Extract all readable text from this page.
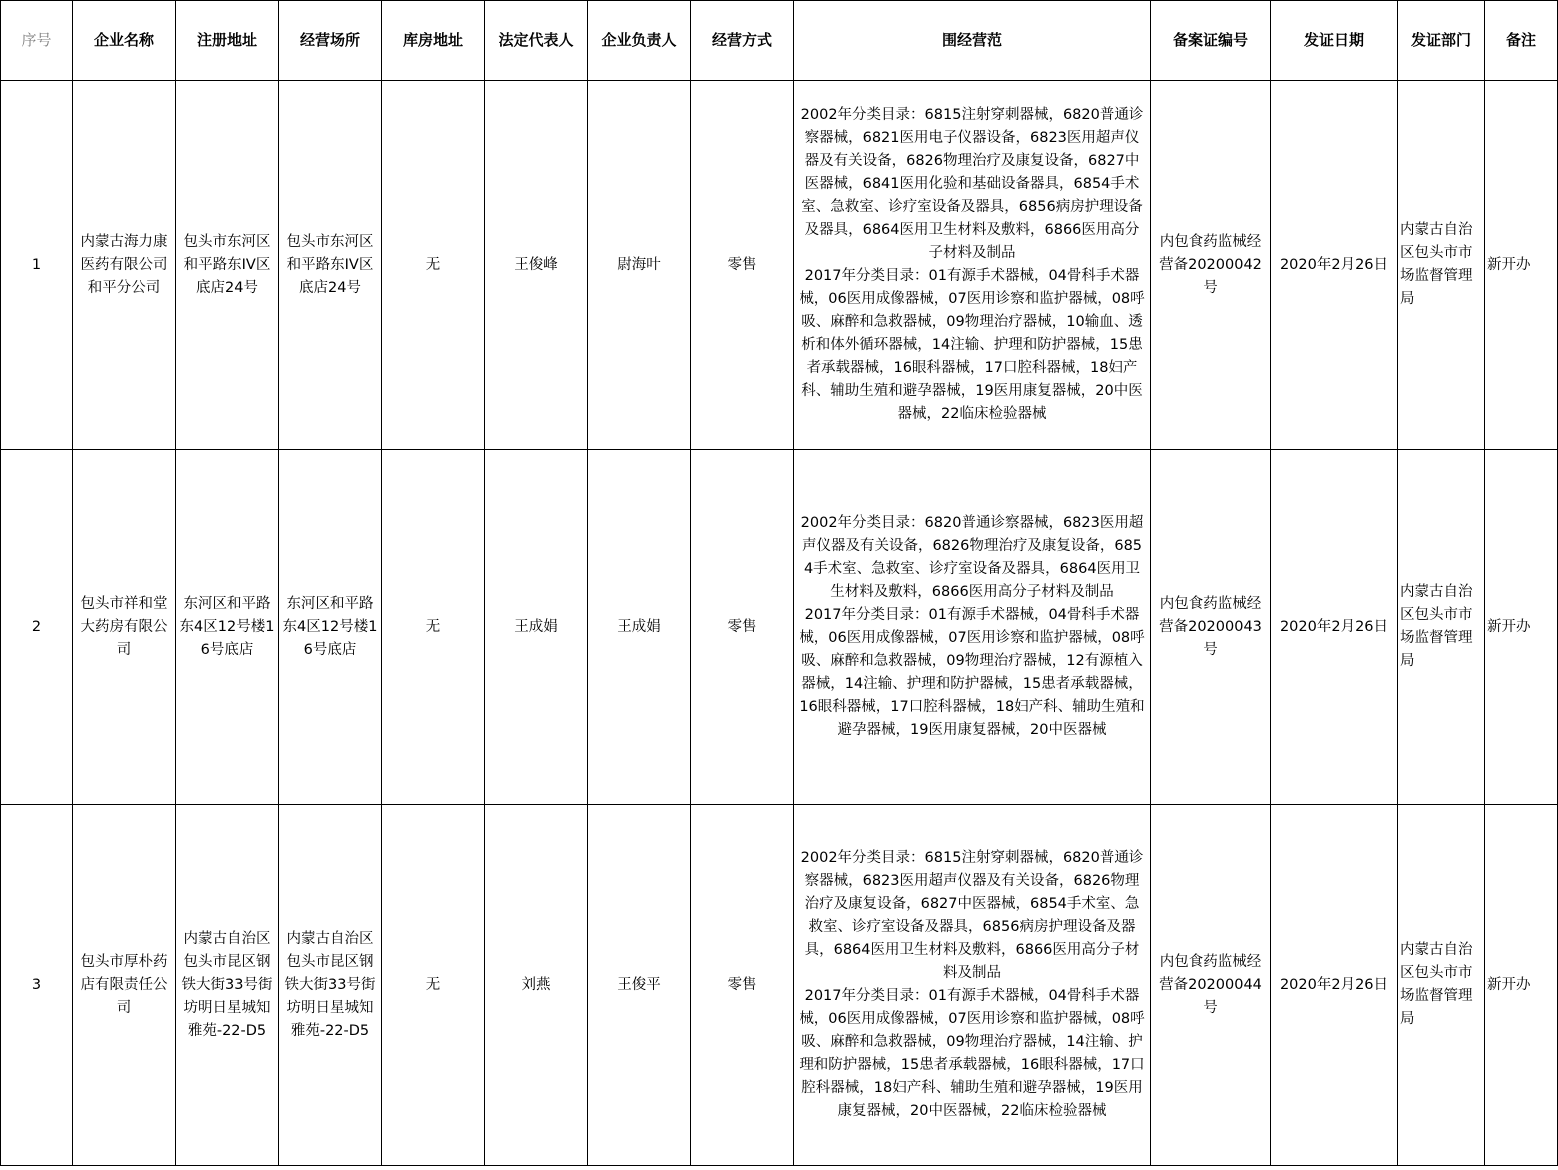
序号	企业名称	注册地址	经营场所	库房地址	法定代表人	企业负责人	经营方式	围经营范	备案证编号	发证日期	发证部门	备注
1	内蒙古海力康医药有限公司和平分公司	包头市东河区和平路东IV区底店24号	包头市东河区和平路东IV区底店24号	无	王俊峰	尉海叶	零售	2002年分类目录：6815注射穿刺器械，6820普通诊察器械，6821医用电子仪器设备，6823医用超声仪器及有关设备，6826物理治疗及康复设备，6827中医器械，6841医用化验和基础设备器具，6854手术室、急救室、诊疗室设备及器具，6856病房护理设备及器具，6864医用卫生材料及敷料，6866医用高分子材料及制品
2017年分类目录：01有源手术器械，04骨科手术器械，06医用成像器械，07医用诊察和监护器械，08呼吸、麻醉和急救器械，09物理治疗器械，10输血、透析和体外循环器械，14注输、护理和防护器械，15患者承载器械，16眼科器械，17口腔科器械，18妇产科、辅助生殖和避孕器械，19医用康复器械，20中医器械，22临床检验器械	内包食药监械经营备20200042号	2020年2月26日	内蒙古自治区包头市市场监督管理局	新开办
2	包头市祥和堂大药房有限公司	东河区和平路东4区12号楼16号底店	东河区和平路东4区12号楼16号底店	无	王成娟	王成娟	零售	2002年分类目录：6820普通诊察器械，6823医用超声仪器及有关设备，6826物理治疗及康复设备，6854手术室、急救室、诊疗室设备及器具，6864医用卫生材料及敷料，6866医用高分子材料及制品
2017年分类目录：01有源手术器械，04骨科手术器械，06医用成像器械，07医用诊察和监护器械，08呼吸、麻醉和急救器械，09物理治疗器械，12有源植入器械，14注输、护理和防护器械，15患者承载器械，16眼科器械，17口腔科器械，18妇产科、辅助生殖和避孕器械，19医用康复器械，20中医器械	内包食药监械经营备20200043号	2020年2月26日	内蒙古自治区包头市市场监督管理局	新开办
3	包头市厚朴药店有限责任公司	内蒙古自治区包头市昆区钢铁大街33号街坊明日星城知雅苑-22-D5	内蒙古自治区包头市昆区钢铁大街33号街坊明日星城知雅苑-22-D5	无	刘燕	王俊平	零售	2002年分类目录：6815注射穿刺器械，6820普通诊察器械，6823医用超声仪器及有关设备，6826物理治疗及康复设备，6827中医器械，6854手术室、急救室、诊疗室设备及器具，6856病房护理设备及器具，6864医用卫生材料及敷料，6866医用高分子材料及制品
2017年分类目录：01有源手术器械，04骨科手术器械，06医用成像器械，07医用诊察和监护器械，08呼吸、麻醉和急救器械，09物理治疗器械，14注输、护理和防护器械，15患者承载器械，16眼科器械，17口腔科器械，18妇产科、辅助生殖和避孕器械，19医用康复器械，20中医器械，22临床检验器械	内包食药监械经营备20200044号	2020年2月26日	内蒙古自治区包头市市场监督管理局	新开办
